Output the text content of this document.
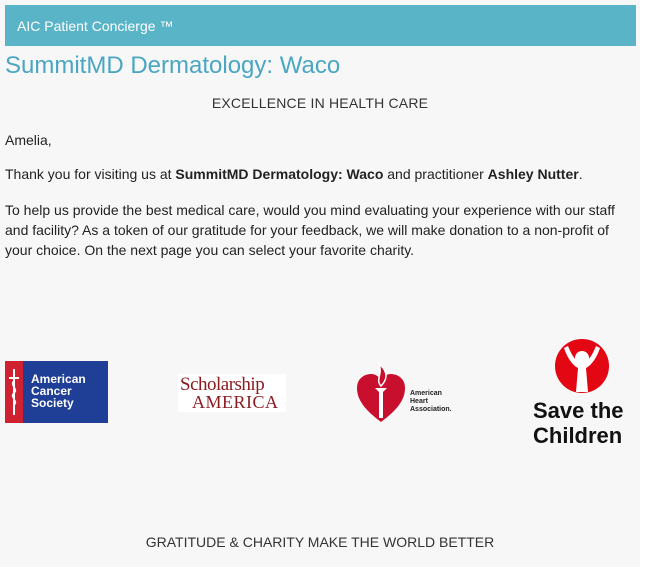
AIC Patient Concierge ™
SummitMD Dermatology: Waco
EXCELLENCE IN HEALTH CARE
Amelia,
Thank you for visiting us at SummitMD Dermatology: Waco and practitioner Ashley Nutter.
To help us provide the best medical care, would you mind evaluating your experience with our staff and facility? As a token of our gratitude for your feedback, we will make donation to a non-profit of your choice. On the next page you can select your favorite charity.
American
Cancer
Society
Scholarship
AMERICA	American
Heart
Association.	Save the
Children
GRATITUDE & CHARITY MAKE THE WORLD BETTER
